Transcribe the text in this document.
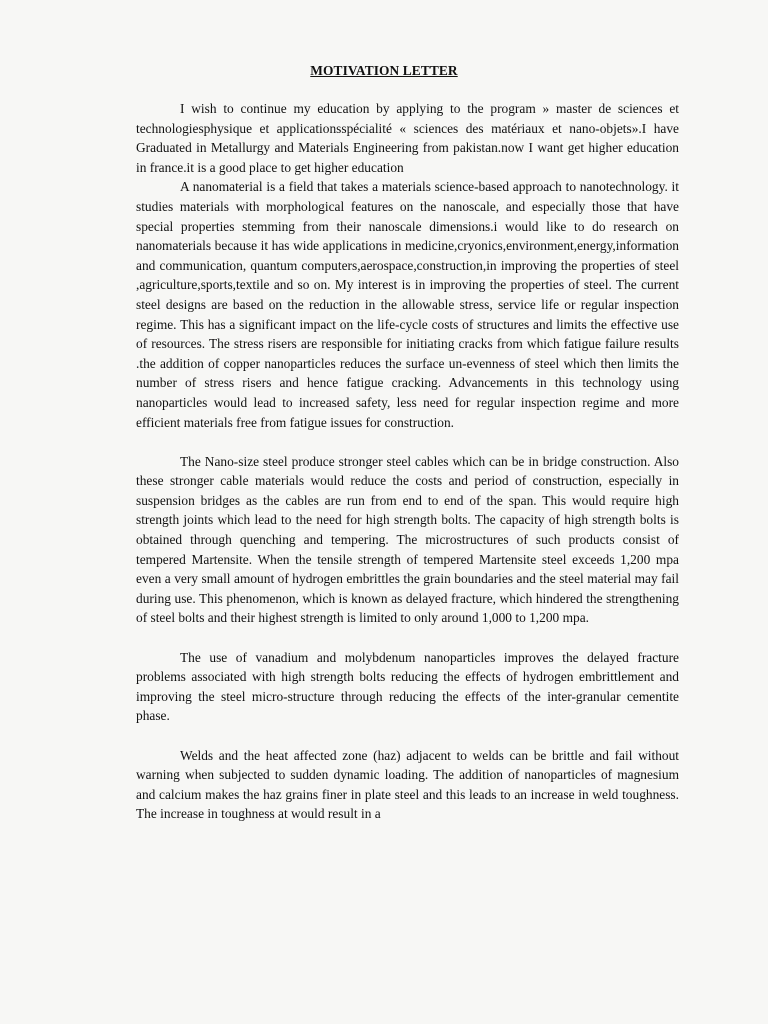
MOTIVATION LETTER

I wish to continue my education by applying to the program » master de sciences et technologiesphysique et applicationsspécialité « sciences des matériaux et nano-objets».I have Graduated in Metallurgy and Materials Engineering from pakistan.now I want get higher education in france.it is a good place to get higher education

A nanomaterial is a field that takes a materials science-based approach to nanotechnology. it studies materials with morphological features on the nanoscale, and especially those that have special properties stemming from their nanoscale dimensions.i would like to do research on nanomaterials because it has wide applications in medicine,cryonics,environment,energy,information and communication, quantum computers,aerospace,construction,in improving the properties of steel ,agriculture,sports,textile and so on. My interest is in improving the properties of steel. The current steel designs are based on the reduction in the allowable stress, service life or regular inspection regime. This has a significant impact on the life-cycle costs of structures and limits the effective use of resources. The stress risers are responsible for initiating cracks from which fatigue failure results .the addition of copper nanoparticles reduces the surface un-evenness of steel which then limits the number of stress risers and hence fatigue cracking. Advancements in this technology using nanoparticles would lead to increased safety, less need for regular inspection regime and more efficient materials free from fatigue issues for construction.

The Nano-size steel produce stronger steel cables which can be in bridge construction. Also these stronger cable materials would reduce the costs and period of construction, especially in suspension bridges as the cables are run from end to end of the span. This would require high strength joints which lead to the need for high strength bolts. The capacity of high strength bolts is obtained through quenching and tempering. The microstructures of such products consist of tempered Martensite. When the tensile strength of tempered Martensite steel exceeds 1,200 mpa even a very small amount of hydrogen embrittles the grain boundaries and the steel material may fail during use. This phenomenon, which is known as delayed fracture, which hindered the strengthening of steel bolts and their highest strength is limited to only around 1,000 to 1,200 mpa.

The use of vanadium and molybdenum nanoparticles improves the delayed fracture problems associated with high strength bolts reducing the effects of hydrogen embrittlement and improving the steel micro-structure through reducing the effects of the inter-granular cementite phase.

Welds and the heat affected zone (haz) adjacent to welds can be brittle and fail without warning when subjected to sudden dynamic loading. The addition of nanoparticles of magnesium and calcium makes the haz grains finer in plate steel and this leads to an increase in weld toughness. The increase in toughness at would result in a
